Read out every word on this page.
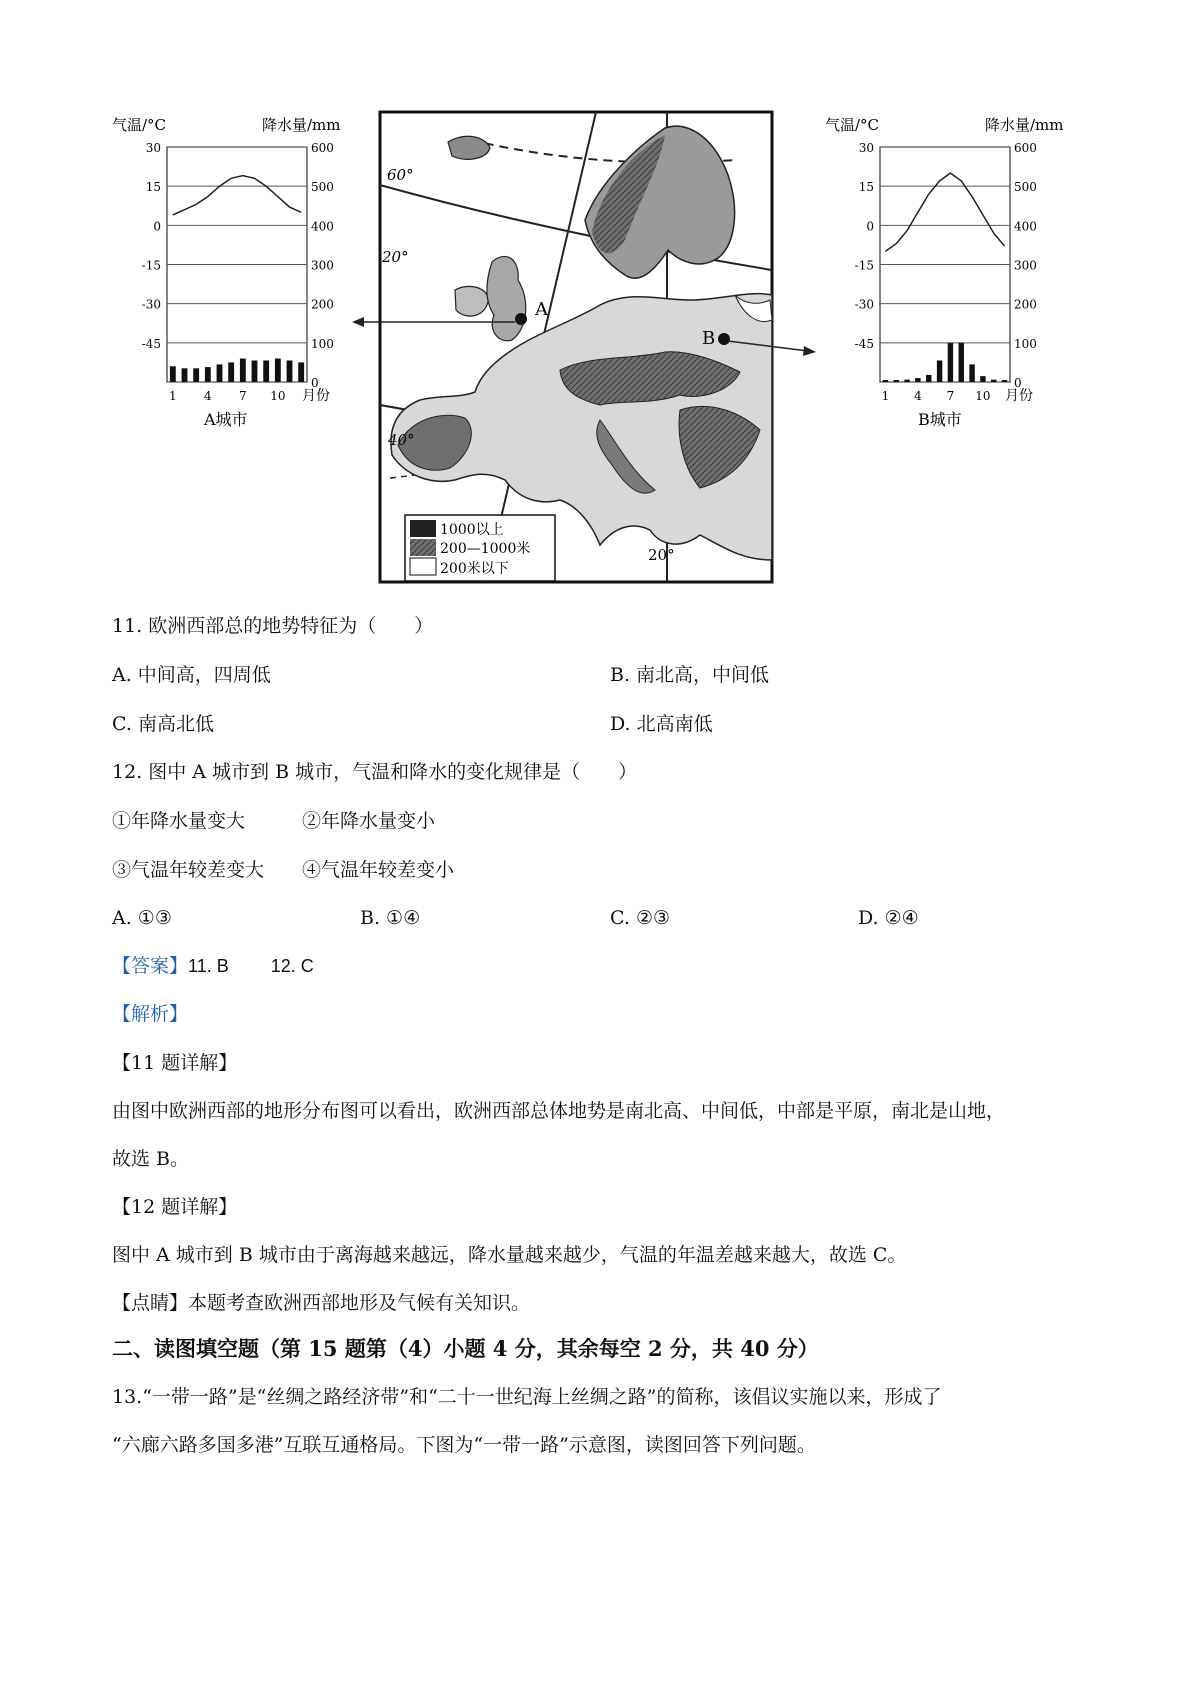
气温/°C	降水量/mm
600
500
400
300
200
100
0
30
15
0
-15
-30
-45
1 4 7 10 月份
A城市
气温/°C	降水量/mm
600
500
400
300
200
100
0
30
15
0
-15
-30
-45
1 4 7 10 月份
B城市
A
B
60°
20°
40°
20°
1000以上
200—1000米
200米以下
11. 欧洲西部总的地势特征为（　　）
A. 中间高，四周低	B. 南北高，中间低
C. 南高北低	D. 北高南低
12. 图中 A 城市到 B 城市，气温和降水的变化规律是（　　）
①年降水量变大	②年降水量变小
③气温年较差变大 ④气温年较差变小
A. ①③	B. ①④	C. ②③	D. ②④
【答案】11. B 12. C
【解析】
【11 题详解】
由图中欧洲西部的地形分布图可以看出，欧洲西部总体地势是南北高、中间低，中部是平原，南北是山地，
故选 B。
【12 题详解】
图中 A 城市到 B 城市由于离海越来越远，降水量越来越少，气温的年温差越来越大，故选 C。
【点睛】本题考查欧洲西部地形及气候有关知识。
二、读图填空题（第 15 题第（4）小题 4 分，其余每空 2 分，共 40 分）
13.“一带一路”是“丝绸之路经济带”和“二十一世纪海上丝绸之路”的简称，该倡议实施以来，形成了
“六廊六路多国多港”互联互通格局。下图为“一带一路”示意图，读图回答下列问题。
